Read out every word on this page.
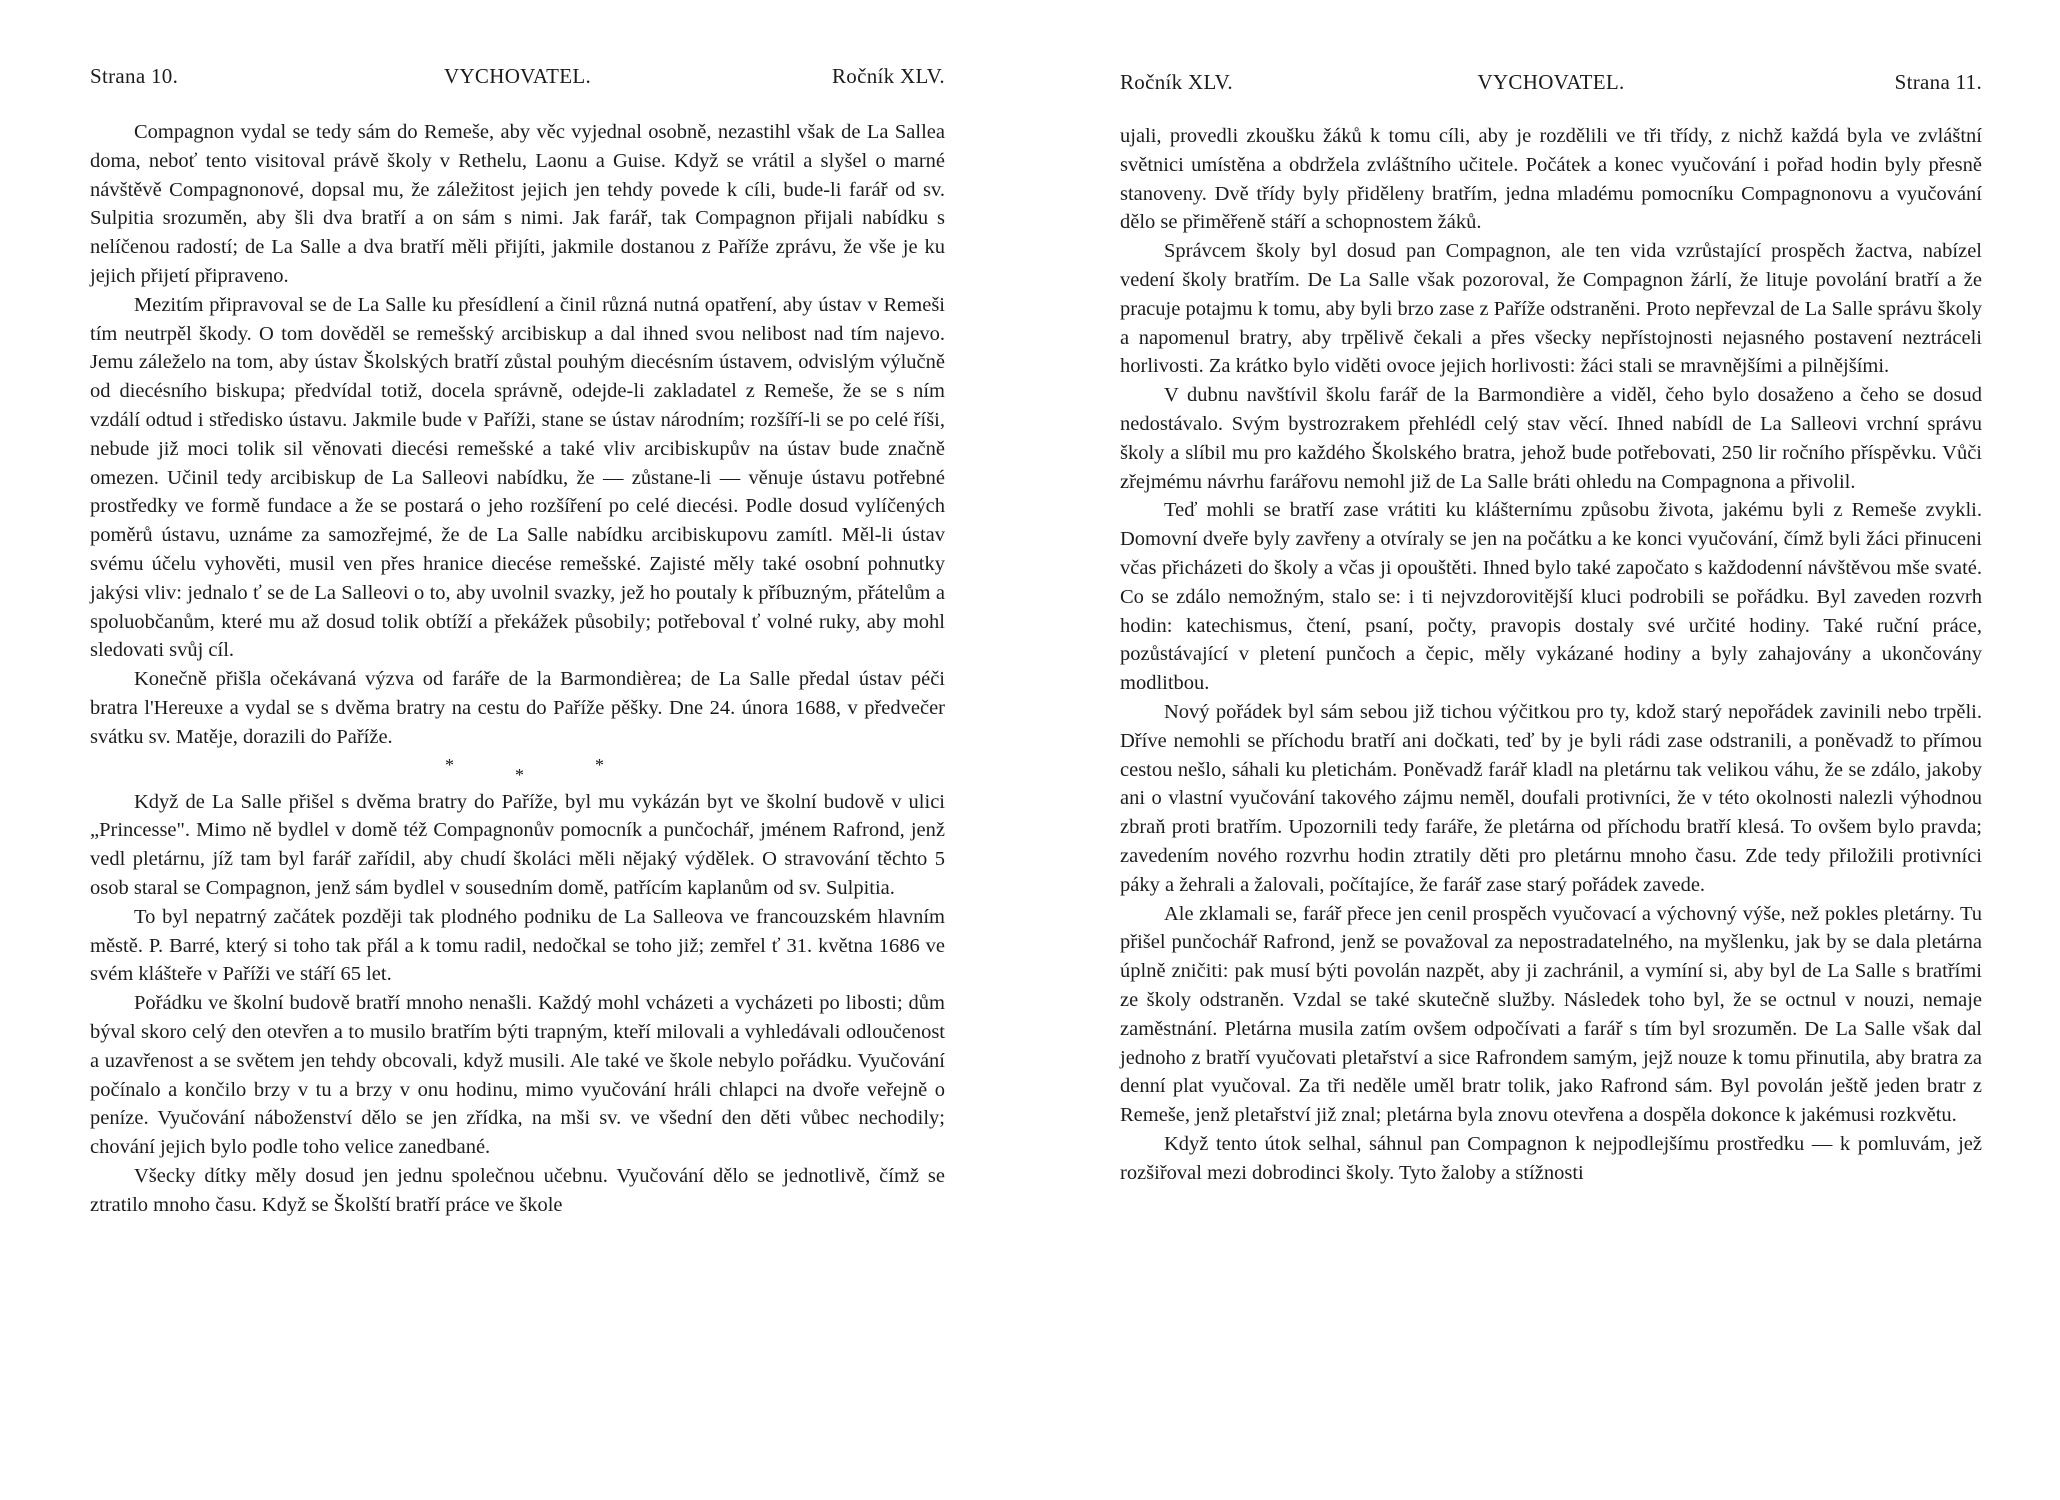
Strana 10.	VYCHOVATEL.	Ročník XLV.

Compagnon vydal se tedy sám do Remeše, aby věc vyjednal osobně, nezastihl však de La Sallea doma, neboť tento visitoval právě školy v Rethelu, Laonu a Guise. Když se vrátil a slyšel o marné návštěvě Compagnonové, dopsal mu, že záležitost jejich jen tehdy povede k cíli, bude-li farář od sv. Sulpitia srozuměn, aby šli dva bratří a on sám s nimi. Jak farář, tak Compagnon přijali nabídku s nelíčenou radostí; de La Salle a dva bratří měli přijíti, jakmile dostanou z Paříže zprávu, že vše je ku jejich přijetí připraveno.

Mezitím připravoval se de La Salle ku přesídlení a činil různá nutná opatření, aby ústav v Remeši tím neutrpěl škody. O tom dověděl se remešský arcibiskup a dal ihned svou nelibost nad tím najevo. Jemu záleželo na tom, aby ústav Školských bratří zůstal pouhým diecésním ústavem, odvislým výlučně od diecésního biskupa; předvídal totiž, docela správně, odejde-li zakladatel z Remeše, že se s ním vzdálí odtud i středisko ústavu. Jakmile bude v Paříži, stane se ústav národním; rozšíří-li se po celé říši, nebude již moci tolik sil věnovati diecési remešské a také vliv arcibiskupův na ústav bude značně omezen. Učinil tedy arcibiskup de La Salleovi nabídku, že — zůstane-li — věnuje ústavu potřebné prostředky ve formě fundace a že se postará o jeho rozšíření po celé diecési. Podle dosud vylíčených poměrů ústavu, uznáme za samozřejmé, že de La Salle nabídku arcibiskupovu zamítl. Měl-li ústav svému účelu vyhověti, musil ven přes hranice diecése remešské. Zajisté měly také osobní pohnutky jakýsi vliv: jednalo ť se de La Salleovi o to, aby uvolnil svazky, jež ho poutaly k příbuzným, přátelům a spoluobčanům, které mu až dosud tolik obtíží a překážek působily; potřeboval ť volné ruky, aby mohl sledovati svůj cíl.

Konečně přišla očekávaná výzva od faráře de la Barmondièrea; de La Salle předal ústav péči bratra l'Hereuxe a vydal se s dvěma bratry na cestu do Paříže pěšky. Dne 24. února 1688, v předvečer svátku sv. Matěje, dorazili do Paříže.

*	*	*

Když de La Salle přišel s dvěma bratry do Paříže, byl mu vykázán byt ve školní budově v ulici „Princesse". Mimo ně bydlel v domě též Compagnonův pomocník a punčochář, jménem Rafrond, jenž vedl pletárnu, jíž tam byl farář zařídil, aby chudí školáci měli nějaký výdělek. O stravování těchto 5 osob staral se Compagnon, jenž sám bydlel v sousedním domě, patřícím kaplanům od sv. Sulpitia.

To byl nepatrný začátek později tak plodného podniku de La Salleova ve francouzském hlavním městě. P. Barré, který si toho tak přál a k tomu radil, nedočkal se toho již; zemřel ť 31. května 1686 ve svém klášteře v Paříži ve stáří 65 let.

Pořádku ve školní budově bratří mnoho nenašli. Každý mohl vcházeti a vycházeti po libosti; dům býval skoro celý den otevřen a to musilo bratřím býti trapným, kteří milovali a vyhledávali odloučenost a uzavřenost a se světem jen tehdy obcovali, když musili. Ale také ve škole nebylo pořádku. Vyučování počínalo a končilo brzy v tu a brzy v onu hodinu, mimo vyučování hráli chlapci na dvoře veřejně o peníze. Vyučování náboženství dělo se jen zřídka, na mši sv. ve všední den děti vůbec nechodily; chování jejich bylo podle toho velice zanedbané.

Všecky dítky měly dosud jen jednu společnou učebnu. Vyučování dělo se jednotlivě, čímž se ztratilo mnoho času. Když se Školští bratří práce ve škole

Ročník XLV.	VYCHOVATEL.	Strana 11.

ujali, provedli zkoušku žáků k tomu cíli, aby je rozdělili ve tři třídy, z nichž každá byla ve zvláštní světnici umístěna a obdržela zvláštního učitele. Počátek a konec vyučování i pořad hodin byly přesně stanoveny. Dvě třídy byly přiděleny bratřím, jedna mladému pomocníku Compagnonovu a vyučování dělo se přiměřeně stáří a schopnostem žáků.

Správcem školy byl dosud pan Compagnon, ale ten vida vzrůstající prospěch žactva, nabízel vedení školy bratřím. De La Salle však pozoroval, že Compagnon žárlí, že lituje povolání bratří a že pracuje potajmu k tomu, aby byli brzo zase z Paříže odstraněni. Proto nepřevzal de La Salle správu školy a napomenul bratry, aby trpělivě čekali a přes všecky nepřístojnosti nejasného postavení neztráceli horlivosti. Za krátko bylo viděti ovoce jejich horlivosti: žáci stali se mravnějšími a pilnějšími.

V dubnu navštívil školu farář de la Barmondière a viděl, čeho bylo dosaženo a čeho se dosud nedostávalo. Svým bystrozrakem přehlédl celý stav věcí. Ihned nabídl de La Salleovi vrchní správu školy a slíbil mu pro každého Školského bratra, jehož bude potřebovati, 250 lir ročního příspěvku. Vůči zřejmému návrhu farářovu nemohl již de La Salle bráti ohledu na Compagnona a přivolil.

Teď mohli se bratří zase vrátiti ku klášternímu způsobu života, jakému byli z Remeše zvykli. Domovní dveře byly zavřeny a otvíraly se jen na počátku a ke konci vyučování, čímž byli žáci přinuceni včas přicházeti do školy a včas ji opouštěti. Ihned bylo také započato s každodenní návštěvou mše svaté. Co se zdálo nemožným, stalo se: i ti nejvzdorovitější kluci podrobili se pořádku. Byl zaveden rozvrh hodin: katechismus, čtení, psaní, počty, pravopis dostaly své určité hodiny. Také ruční práce, pozůstávající v pletení punčoch a čepic, měly vykázané hodiny a byly zahajovány a ukončovány modlitbou.

Nový pořádek byl sám sebou již tichou výčitkou pro ty, kdož starý nepořádek zavinili nebo trpěli. Dříve nemohli se příchodu bratří ani dočkati, teď by je byli rádi zase odstranili, a poněvadž to přímou cestou nešlo, sáhali ku pletichám. Poněvadž farář kladl na pletárnu tak velikou váhu, že se zdálo, jakoby ani o vlastní vyučování takového zájmu neměl, doufali protivníci, že v této okolnosti nalezli výhodnou zbraň proti bratřím. Upozornili tedy faráře, že pletárna od příchodu bratří klesá. To ovšem bylo pravda; zavedením nového rozvrhu hodin ztratily děti pro pletárnu mnoho času. Zde tedy přiložili protivníci páky a žehrali a žalovali, počítajíce, že farář zase starý pořádek zavede.

Ale zklamali se, farář přece jen cenil prospěch vyučovací a výchovný výše, než pokles pletárny. Tu přišel punčochář Rafrond, jenž se považoval za nepostradatelného, na myšlenku, jak by se dala pletárna úplně zničiti: pak musí býti povolán nazpět, aby ji zachránil, a vymíní si, aby byl de La Salle s bratřími ze školy odstraněn. Vzdal se také skutečně služby. Následek toho byl, že se octnul v nouzi, nemaje zaměstnání. Pletárna musila zatím ovšem odpočívati a farář s tím byl srozuměn. De La Salle však dal jednoho z bratří vyučovati pletařství a sice Rafrondem samým, jejž nouze k tomu přinutila, aby bratra za denní plat vyučoval. Za tři neděle uměl bratr tolik, jako Rafrond sám. Byl povolán ještě jeden bratr z Remeše, jenž pletařství již znal; pletárna byla znovu otevřena a dospěla dokonce k jakémusi rozkvětu.

Když tento útok selhal, sáhnul pan Compagnon k nejpodlejšímu prostředku — k pomluvám, jež rozšiřoval mezi dobrodinci školy. Tyto žaloby a stížnosti
